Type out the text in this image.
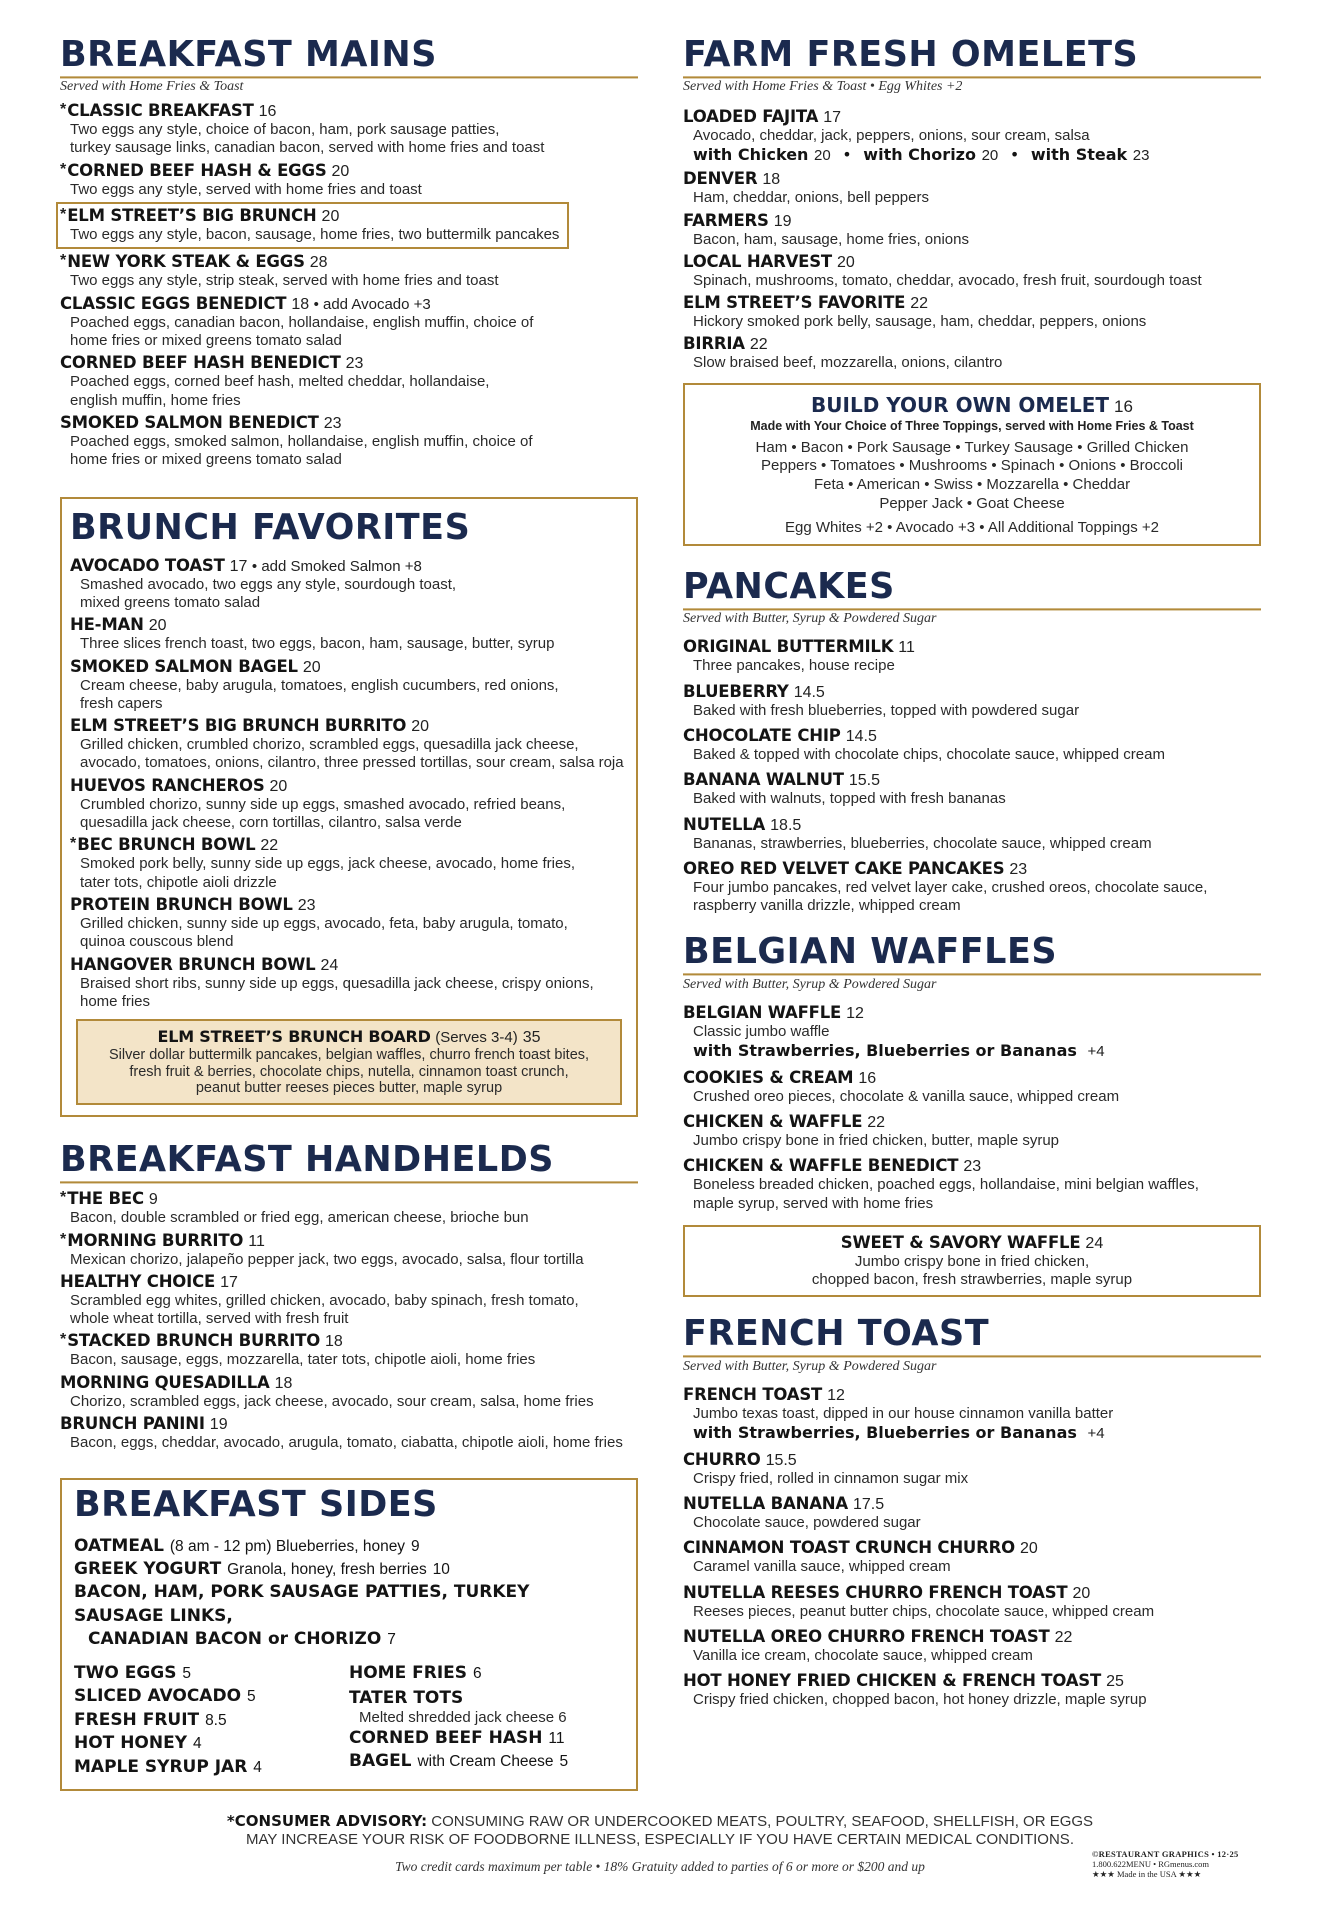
BREAKFAST MAINS
Served with Home Fries & Toast
*CLASSIC BREAKFAST 16
Two eggs any style, choice of bacon, ham, pork sausage patties,
turkey sausage links, canadian bacon, served with home fries and toast
*CORNED BEEF HASH & EGGS 20
Two eggs any style, served with home fries and toast
*ELM STREET’S BIG BRUNCH 20
Two eggs any style, bacon, sausage, home fries, two buttermilk pancakes
*NEW YORK STEAK & EGGS 28
Two eggs any style, strip steak, served with home fries and toast
CLASSIC EGGS BENEDICT 18 • add Avocado +3
Poached eggs, canadian bacon, hollandaise, english muffin, choice of
home fries or mixed greens tomato salad
CORNED BEEF HASH BENEDICT 23
Poached eggs, corned beef hash, melted cheddar, hollandaise,
english muffin, home fries
SMOKED SALMON BENEDICT 23
Poached eggs, smoked salmon, hollandaise, english muffin, choice of
home fries or mixed greens tomato salad
BRUNCH FAVORITES
AVOCADO TOAST 17 • add Smoked Salmon +8
Smashed avocado, two eggs any style, sourdough toast,
mixed greens tomato salad
HE-MAN 20
Three slices french toast, two eggs, bacon, ham, sausage, butter, syrup
SMOKED SALMON BAGEL 20
Cream cheese, baby arugula, tomatoes, english cucumbers, red onions,
fresh capers
ELM STREET’S BIG BRUNCH BURRITO 20
Grilled chicken, crumbled chorizo, scrambled eggs, quesadilla jack cheese,
avocado, tomatoes, onions, cilantro, three pressed tortillas, sour cream, salsa roja
HUEVOS RANCHEROS 20
Crumbled chorizo, sunny side up eggs, smashed avocado, refried beans,
quesadilla jack cheese, corn tortillas, cilantro, salsa verde
*BEC BRUNCH BOWL 22
Smoked pork belly, sunny side up eggs, jack cheese, avocado, home fries,
tater tots, chipotle aioli drizzle
PROTEIN BRUNCH BOWL 23
Grilled chicken, sunny side up eggs, avocado, feta, baby arugula, tomato,
quinoa couscous blend
HANGOVER BRUNCH BOWL 24
Braised short ribs, sunny side up eggs, quesadilla jack cheese, crispy onions,
home fries
ELM STREET’S BRUNCH BOARD (Serves 3-4) 35
Silver dollar buttermilk pancakes, belgian waffles, churro french toast bites,
fresh fruit & berries, chocolate chips, nutella, cinnamon toast crunch,
peanut butter reeses pieces butter, maple syrup
BREAKFAST HANDHELDS
*THE BEC 9
Bacon, double scrambled or fried egg, american cheese, brioche bun
*MORNING BURRITO 11
Mexican chorizo, jalapeño pepper jack, two eggs, avocado, salsa, flour tortilla
HEALTHY CHOICE 17
Scrambled egg whites, grilled chicken, avocado, baby spinach, fresh tomato,
whole wheat tortilla, served with fresh fruit
*STACKED BRUNCH BURRITO 18
Bacon, sausage, eggs, mozzarella, tater tots, chipotle aioli, home fries
MORNING QUESADILLA 18
Chorizo, scrambled eggs, jack cheese, avocado, sour cream, salsa, home fries
BRUNCH PANINI 19
Bacon, eggs, cheddar, avocado, arugula, tomato, ciabatta, chipotle aioli, home fries
BREAKFAST SIDES
OATMEAL (8 am - 12 pm) Blueberries, honey 9
GREEK YOGURT Granola, honey, fresh berries 10
BACON, HAM, PORK SAUSAGE PATTIES, TURKEY SAUSAGE LINKS,
CANADIAN BACON or CHORIZO 7
TWO EGGS 5
SLICED AVOCADO 5
FRESH FRUIT 8.5
HOT HONEY 4
MAPLE SYRUP JAR 4
HOME FRIES 6
TATER TOTS
Melted shredded jack cheese 6
CORNED BEEF HASH 11
BAGEL with Cream Cheese 5
FARM FRESH OMELETS
Served with Home Fries & Toast • Egg Whites +2
LOADED FAJITA 17
Avocado, cheddar, jack, peppers, onions, sour cream, salsa
with Chicken 20 • with Chorizo 20 • with Steak 23
DENVER 18
Ham, cheddar, onions, bell peppers
FARMERS 19
Bacon, ham, sausage, home fries, onions
LOCAL HARVEST 20
Spinach, mushrooms, tomato, cheddar, avocado, fresh fruit, sourdough toast
ELM STREET’S FAVORITE 22
Hickory smoked pork belly, sausage, ham, cheddar, peppers, onions
BIRRIA 22
Slow braised beef, mozzarella, onions, cilantro
BUILD YOUR OWN OMELET 16
Made with Your Choice of Three Toppings, served with Home Fries & Toast
Ham • Bacon • Pork Sausage • Turkey Sausage • Grilled Chicken
Peppers • Tomatoes • Mushrooms • Spinach • Onions • Broccoli
Feta • American • Swiss • Mozzarella • Cheddar
Pepper Jack • Goat Cheese
Egg Whites +2 • Avocado +3 • All Additional Toppings +2
PANCAKES
Served with Butter, Syrup & Powdered Sugar
ORIGINAL BUTTERMILK 11
Three pancakes, house recipe
BLUEBERRY 14.5
Baked with fresh blueberries, topped with powdered sugar
CHOCOLATE CHIP 14.5
Baked & topped with chocolate chips, chocolate sauce, whipped cream
BANANA WALNUT 15.5
Baked with walnuts, topped with fresh bananas
NUTELLA 18.5
Bananas, strawberries, blueberries, chocolate sauce, whipped cream
OREO RED VELVET CAKE PANCAKES 23
Four jumbo pancakes, red velvet layer cake, crushed oreos, chocolate sauce,
raspberry vanilla drizzle, whipped cream
BELGIAN WAFFLES
Served with Butter, Syrup & Powdered Sugar
BELGIAN WAFFLE 12
Classic jumbo waffle
with Strawberries, Blueberries or Bananas +4
COOKIES & CREAM 16
Crushed oreo pieces, chocolate & vanilla sauce, whipped cream
CHICKEN & WAFFLE 22
Jumbo crispy bone in fried chicken, butter, maple syrup
CHICKEN & WAFFLE BENEDICT 23
Boneless breaded chicken, poached eggs, hollandaise, mini belgian waffles,
maple syrup, served with home fries
SWEET & SAVORY WAFFLE 24
Jumbo crispy bone in fried chicken,
chopped bacon, fresh strawberries, maple syrup
FRENCH TOAST
Served with Butter, Syrup & Powdered Sugar
FRENCH TOAST 12
Jumbo texas toast, dipped in our house cinnamon vanilla batter
with Strawberries, Blueberries or Bananas +4
CHURRO 15.5
Crispy fried, rolled in cinnamon sugar mix
NUTELLA BANANA 17.5
Chocolate sauce, powdered sugar
CINNAMON TOAST CRUNCH CHURRO 20
Caramel vanilla sauce, whipped cream
NUTELLA REESES CHURRO FRENCH TOAST 20
Reeses pieces, peanut butter chips, chocolate sauce, whipped cream
NUTELLA OREO CHURRO FRENCH TOAST 22
Vanilla ice cream, chocolate sauce, whipped cream
HOT HONEY FRIED CHICKEN & FRENCH TOAST 25
Crispy fried chicken, chopped bacon, hot honey drizzle, maple syrup
*CONSUMER ADVISORY: CONSUMING RAW OR UNDERCOOKED MEATS, POULTRY, SEAFOOD, SHELLFISH, OR EGGS
MAY INCREASE YOUR RISK OF FOODBORNE ILLNESS, ESPECIALLY IF YOU HAVE CERTAIN MEDICAL CONDITIONS.
Two credit cards maximum per table • 18% Gratuity added to parties of 6 or more or $200 and up
©RESTAURANT GRAPHICS • 12·25
1.800.622MENU • RGmenus.com
★★★ Made in the USA ★★★
